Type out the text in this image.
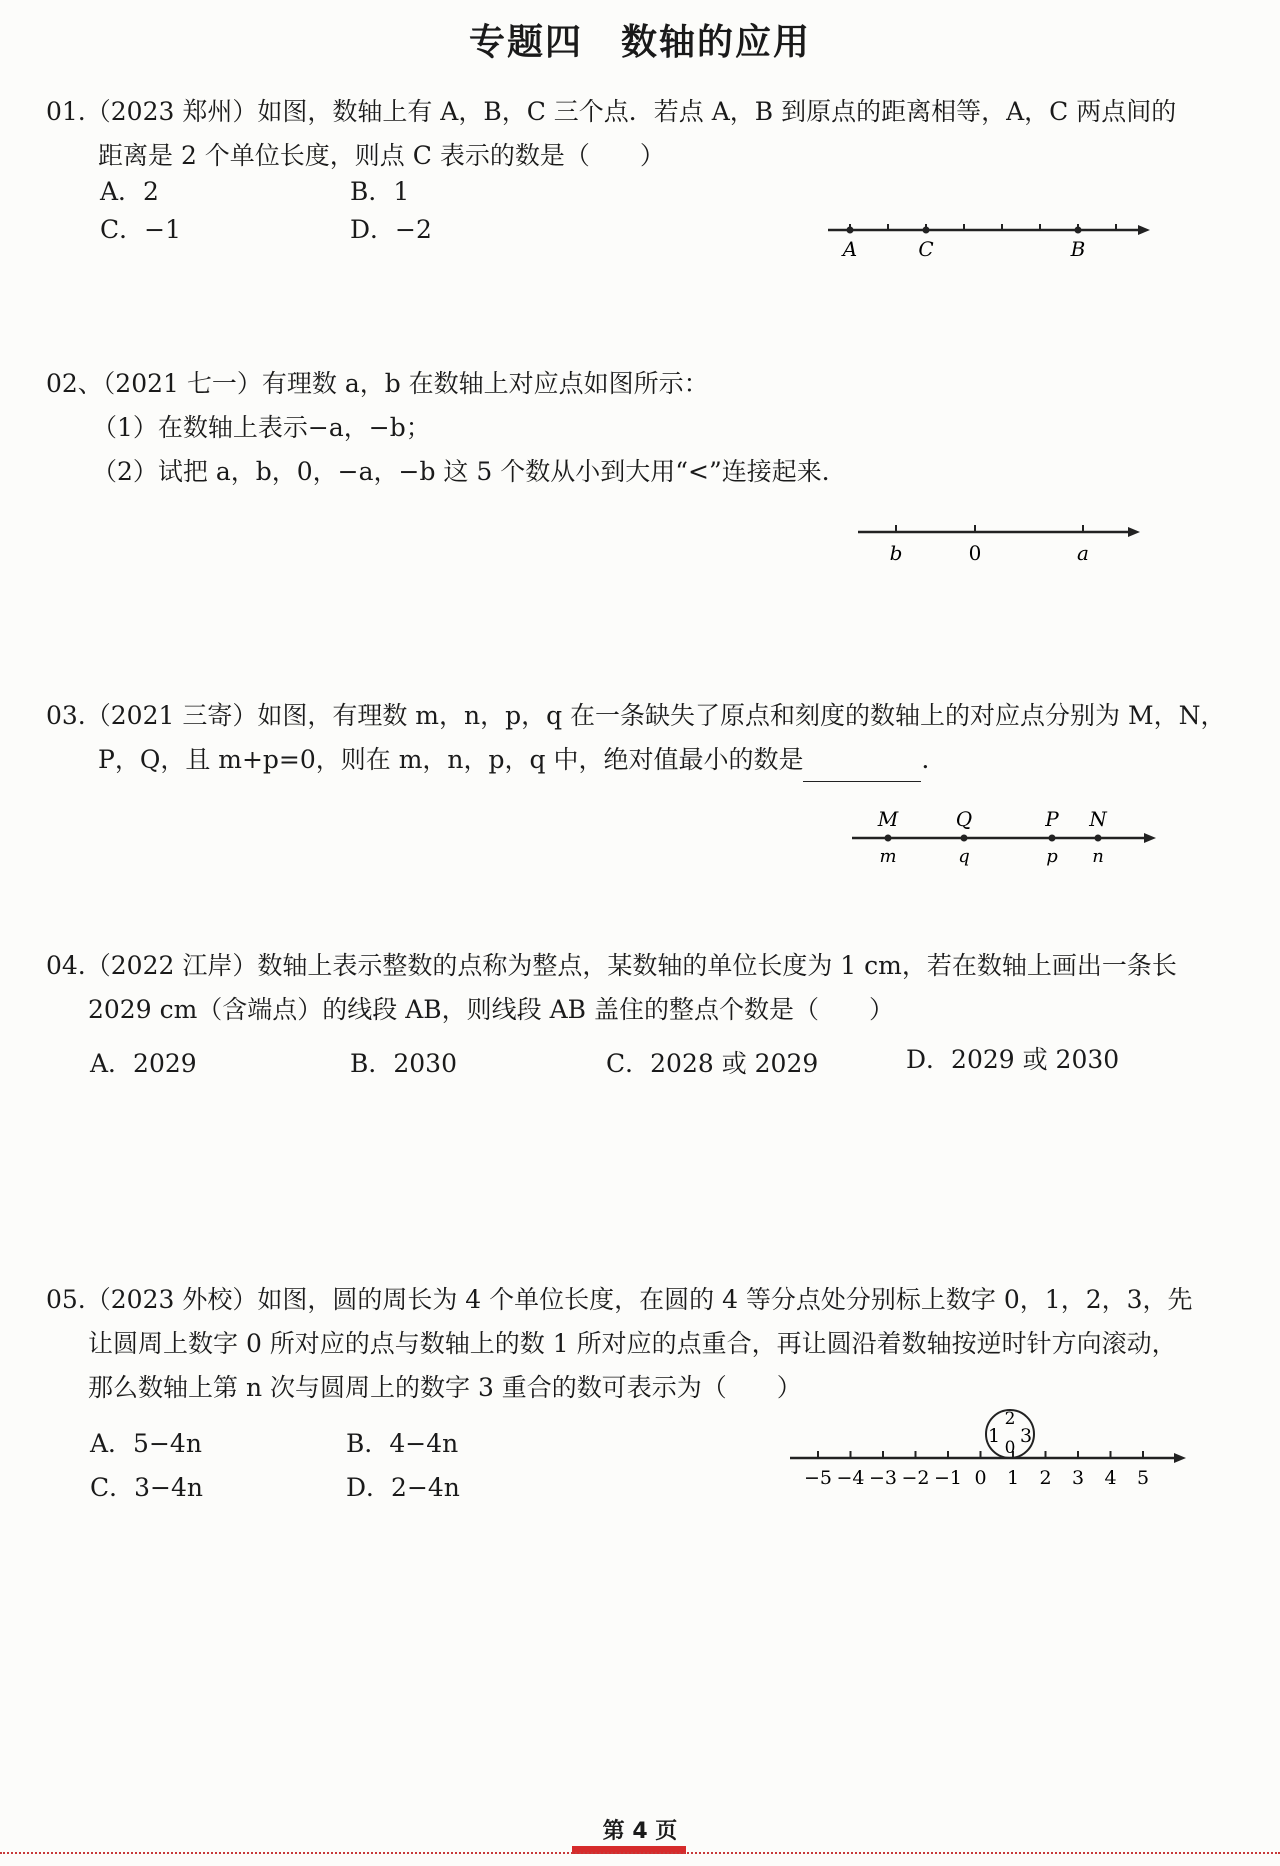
专题四　数轴的应用
01.（2023 郑州）如图，数轴上有 A，B，C 三个点．若点 A，B 到原点的距离相等，A，C 两点间的
距离是 2 个单位长度，则点 C 表示的数是（　　）
A．2	B．1
C．−1	D．−2
A	C	B
02、（2021 七一）有理数 a，b 在数轴上对应点如图所示：
（1）在数轴上表示−a，−b；
（2）试把 a，b，0，−a，−b 这 5 个数从小到大用“<”连接起来．
b	0	a
03.（2021 三寄）如图，有理数 m，n，p，q 在一条缺失了原点和刻度的数轴上的对应点分别为 M，N，
P，Q，且 m+p=0，则在 m，n，p，q 中，绝对值最小的数是	．
M	Q	P N
m	q	p n
04.（2022 江岸）数轴上表示整数的点称为整点，某数轴的单位长度为 1 cm，若在数轴上画出一条长
2029 cm（含端点）的线段 AB，则线段 AB 盖住的整点个数是（　　）
A．2029	B．2030	C．2028 或 2029	D．2029 或 2030
05.（2023 外校）如图，圆的周长为 4 个单位长度，在圆的 4 等分点处分别标上数字 0，1，2，3，先
让圆周上数字 0 所对应的点与数轴上的数 1 所对应的点重合，再让圆沿着数轴按逆时针方向滚动，
那么数轴上第 n 次与圆周上的数字 3 重合的数可表示为（　　）
A．5−4n	B．4−4n
C．3−4n	D．2−4n	−5 −4 −3 −2 −1 0 1 2 3 4 5
1
2
0
3
第 4 页
